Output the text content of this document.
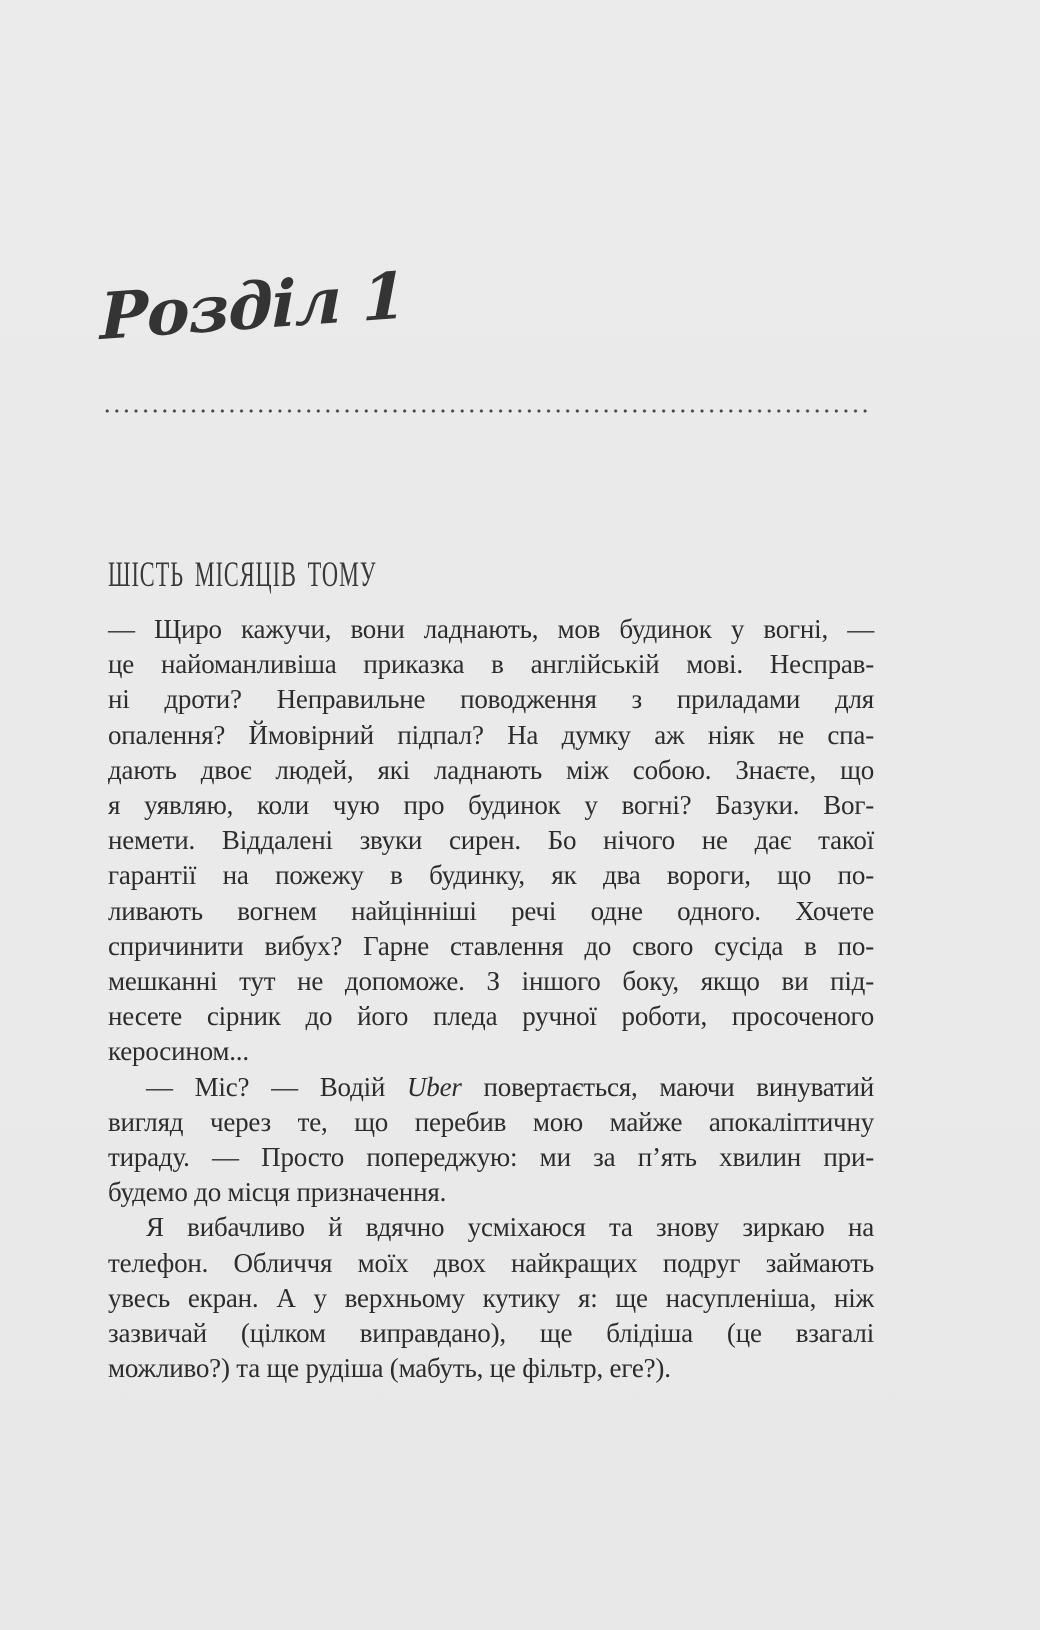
Розділ 1
ШІСТЬ МІСЯЦІВ ТОМУ

— Щиро кажучи, вони ладнають, мов будинок у вогні, —
це найоманливіша приказка в англійській мові. Несправ-
ні дроти? Неправильне поводження з приладами для
опалення? Ймовірний підпал? На думку аж ніяк не спа-
дають двоє людей, які ладнають між собою. Знаєте, що
я уявляю, коли чую про будинок у вогні? Базуки. Вог-
немети. Віддалені звуки сирен. Бо нічого не дає такої
гарантії на пожежу в будинку, як два вороги, що по-
ливають вогнем найцінніші речі одне одного. Хочете
спричинити вибух? Гарне ставлення до свого сусіда в по-
мешканні тут не допоможе. З іншого боку, якщо ви під-
несете сірник до його пледа ручної роботи, просоченого
керосином...

— Міс? — Водій Uber повертається, маючи винуватий
вигляд через те, що перебив мою майже апокаліптичну
тираду. — Просто попереджую: ми за п’ять хвилин при-
будемо до місця призначення.

Я вибачливо й вдячно усміхаюся та знову зиркаю на
телефон. Обличчя моїх двох найкращих подруг займають
увесь екран. А у верхньому кутику я: ще насупленіша, ніж
зазвичай (цілком виправдано), ще блідіша (це взагалі
можливо?) та ще рудіша (мабуть, це фільтр, еге?).
